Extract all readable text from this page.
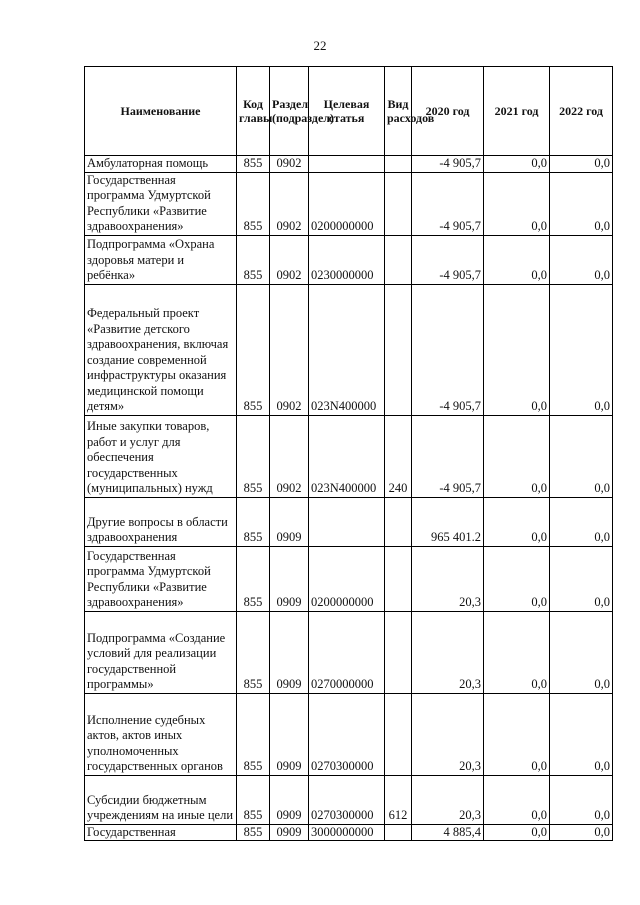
22
Наименование	Код главы	Раздел (подраздел)	Целевая статья	Вид расходов	2020 год	2021 год	2022 год
Амбулаторная помощь	855	0902			-4 905,7	0,0	0,0
Государственная программа Удмуртской Республики «Развитие здравоохранения»	855	0902	0200000000		-4 905,7	0,0	0,0
Подпрограмма «Охрана здоровья матери и ребёнка»	855	0902	0230000000		-4 905,7	0,0	0,0
Федеральный проект «Развитие детского здравоохранения, включая создание современной инфраструктуры оказания медицинской помощи детям»	855	0902	023N400000		-4 905,7	0,0	0,0
Иные закупки товаров, работ и услуг для обеспечения государственных (муниципальных) нужд	855	0902	023N400000	240	-4 905,7	0,0	0,0
Другие вопросы в области здравоохранения	855	0909			965 401.2	0,0	0,0
Государственная программа Удмуртской Республики «Развитие здравоохранения»	855	0909	0200000000		20,3	0,0	0,0
Подпрограмма «Создание условий для реализации государственной программы»	855	0909	0270000000		20,3	0,0	0,0
Исполнение судебных актов, актов иных уполномоченных государственных органов	855	0909	0270300000		20,3	0,0	0,0
Субсидии бюджетным учреждениям на иные цели	855	0909	0270300000	612	20,3	0,0	0,0
Государственная	855	0909	3000000000		4 885,4	0,0	0,0
